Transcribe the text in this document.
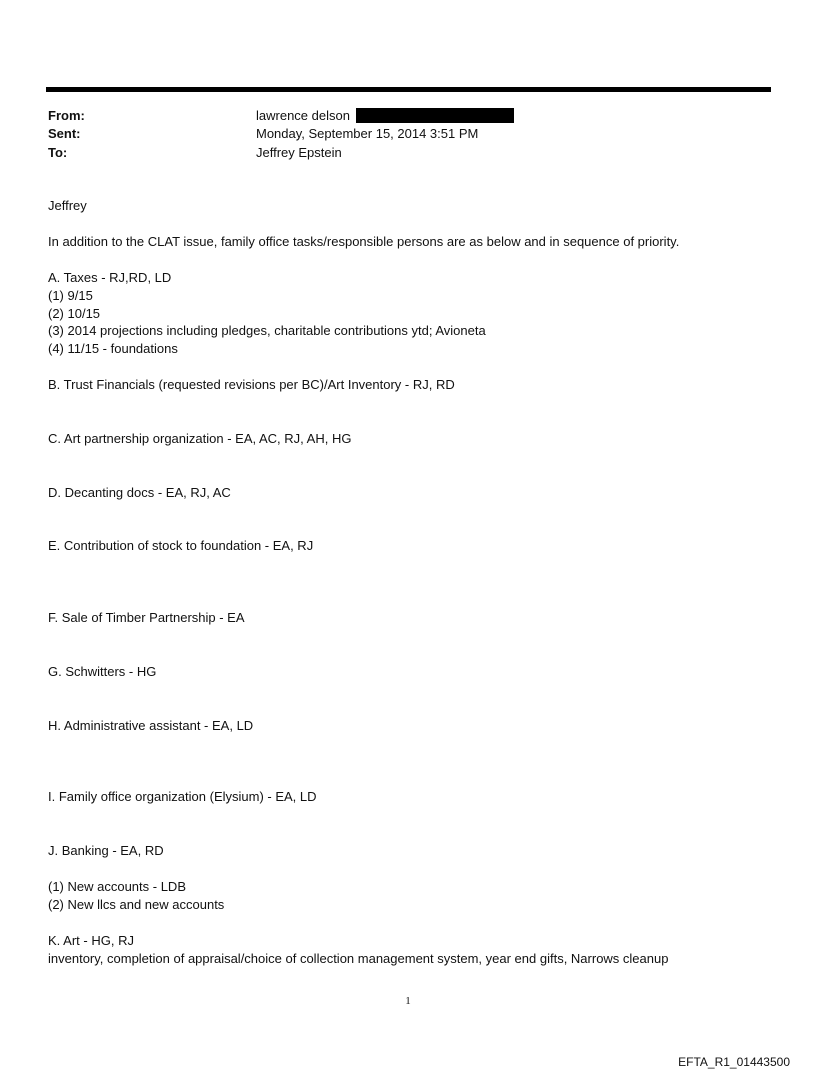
From:	lawrence delson
Sent:	Monday, September 15, 2014 3:51 PM
To:	Jeffrey Epstein
Jeffrey
In addition to the CLAT issue, family office tasks/responsible persons are as below and in sequence of priority.
A. Taxes - RJ,RD, LD
(1) 9/15
(2) 10/15
(3) 2014 projections including pledges, charitable contributions ytd; Avioneta
(4) 11/15 - foundations
B. Trust Financials (requested revisions per BC)/Art Inventory - RJ, RD
C. Art partnership organization - EA, AC, RJ, AH, HG
D. Decanting docs - EA, RJ, AC
E. Contribution of stock to foundation - EA, RJ
F. Sale of Timber Partnership - EA
G. Schwitters - HG
H. Administrative assistant - EA, LD
I. Family office organization (Elysium) - EA, LD
J. Banking - EA, RD
(1) New accounts - LDB
(2) New llcs and new accounts
K. Art - HG, RJ
inventory, completion of appraisal/choice of collection management system, year end gifts, Narrows cleanup
1
EFTA_R1_01443500
